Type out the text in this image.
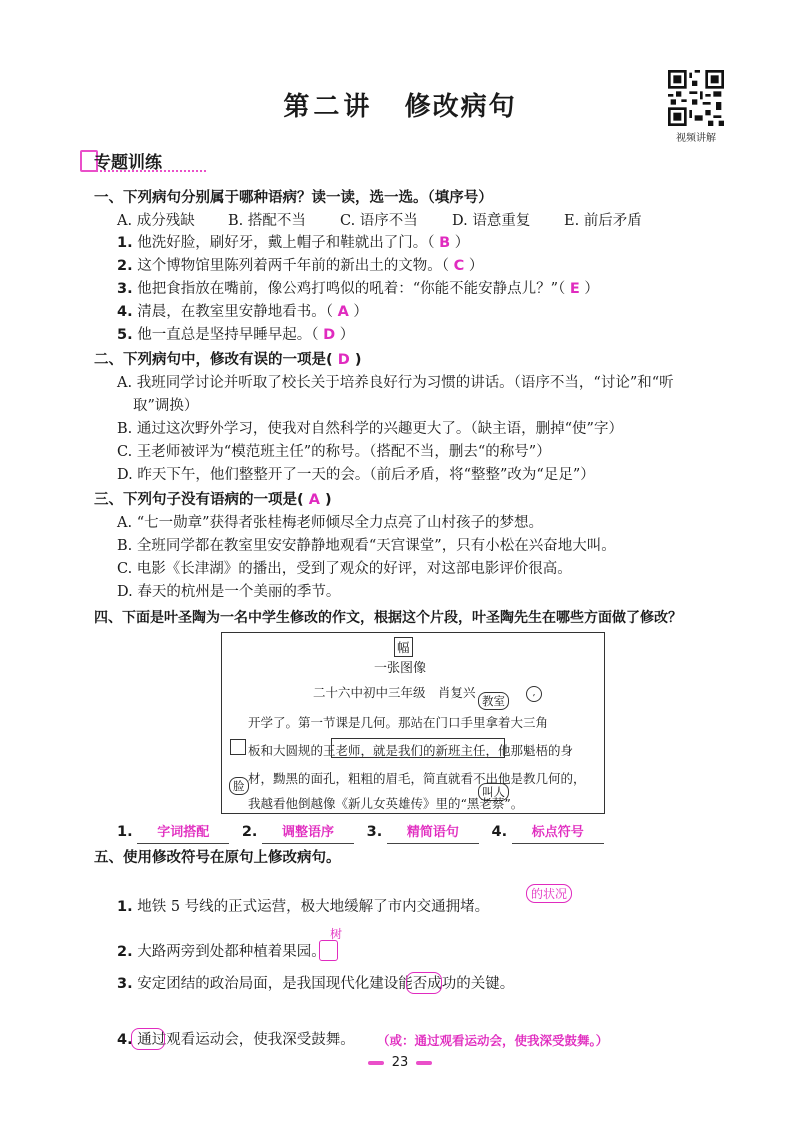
第二讲 修改病句
视频讲解
专题训练
一、下列病句分别属于哪种语病？读一读，选一选。（填序号）
A. 成分残缺 B. 搭配不当 C. 语序不当 D. 语意重复 E. 前后矛盾
1. 他洗好脸，刷好牙，戴上帽子和鞋就出了门。（ B ）
2. 这个博物馆里陈列着两千年前的新出土的文物。（ C ）
3. 他把食指放在嘴前，像公鸡打鸣似的吼着：“你能不能安静点儿？”（ E ）
4. 清晨，在教室里安静地看书。（ A ）
5. 他一直总是坚持早睡早起。（ D ）
二、下列病句中，修改有误的一项是( D )
A. 我班同学讨论并听取了校长关于培养良好行为习惯的讲话。（语序不当，“讨论”和“听
取”调换）
B. 通过这次野外学习，使我对自然科学的兴趣更大了。（缺主语，删掉“使”字）
C. 王老师被评为“模范班主任”的称号。（搭配不当，删去“的称号”）
D. 昨天下午，他们整整开了一天的会。（前后矛盾，将“整整”改为“足足”）
三、下列句子没有语病的一项是( A )
A. “七一勋章”获得者张桂梅老师倾尽全力点亮了山村孩子的梦想。
B. 全班同学都在教室里安安静静地观看“天宫课堂”，只有小松在兴奋地大叫。
C. 电影《长津湖》的播出，受到了观众的好评，对这部电影评价很高。
D. 春天的杭州是一个美丽的季节。
四、下面是叶圣陶为一名中学生修改的作文，根据这个片段，叶圣陶先生在哪些方面做了修改？
幅
一张图像
二十六中初中三年级　肖复兴
教室
,
开学了。第一节课是几何。那站在门口手里拿着大三角
板和大圆规的王老师，就是我们的新班主任，他那魁梧的身
材，黝黑的面孔，粗粗的眉毛，简直就看不出他是教几何的，
叫人
脸
我越看他倒越像《新儿女英雄传》里的“黑老蔡”。
1. 字词搭配 2. 调整语序 3. 精简语句 4. 标点符号
五、使用修改符号在原句上修改病句。
1. 地铁 5 号线的正式运营，极大地缓解了市内交通拥堵。
的状况
2. 大路两旁到处都种植着果园。
树
3. 安定团结的政治局面，是我国现代化建设能否成功的关键。
4. 通过观看运动会，使我深受鼓舞。 （或：通过观看运动会，使我深受鼓舞。）
23
